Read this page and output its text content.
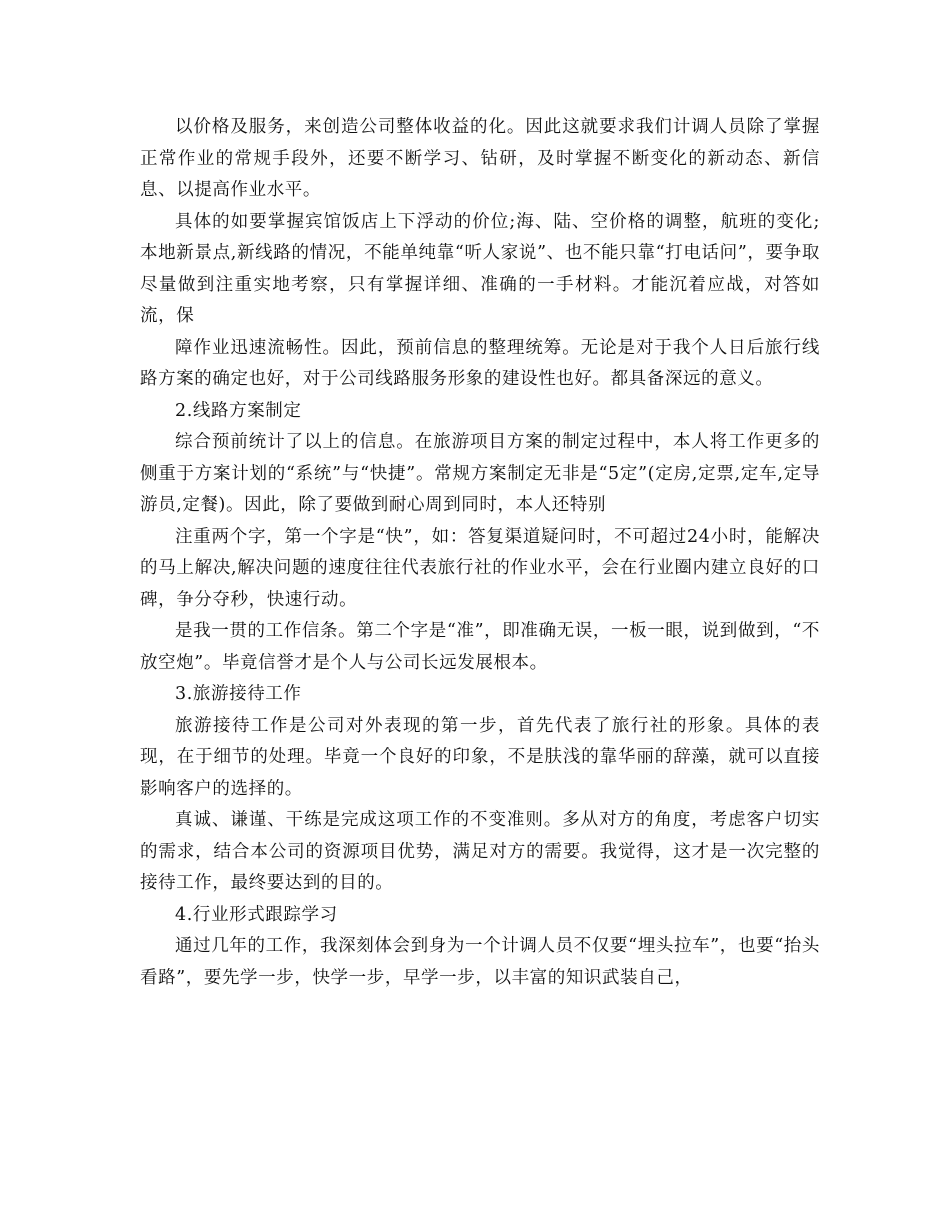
以价格及服务，来创造公司整体收益的化。因此这就要求我们计调人员除了掌握正常作业的常规手段外，还要不断学习、钻研，及时掌握不断变化的新动态、新信息、以提高作业水平。

具体的如要掌握宾馆饭店上下浮动的价位;海、陆、空价格的调整，航班的变化;本地新景点,新线路的情况，不能单纯靠“听人家说”、也不能只靠“打电话问”，要争取尽量做到注重实地考察，只有掌握详细、准确的一手材料。才能沉着应战，对答如流，保

障作业迅速流畅性。因此，预前信息的整理统筹。无论是对于我个人日后旅行线路方案的确定也好，对于公司线路服务形象的建设性也好。都具备深远的意义。

2.线路方案制定

综合预前统计了以上的信息。在旅游项目方案的制定过程中，本人将工作更多的侧重于方案计划的“系统”与“快捷”。常规方案制定无非是“5定”(定房,定票,定车,定导游员,定餐)。因此，除了要做到耐心周到同时，本人还特别

注重两个字，第一个字是“快”，如：答复渠道疑问时，不可超过24小时，能解决的马上解决,解决问题的速度往往代表旅行社的作业水平，会在行业圈内建立良好的口碑，争分夺秒，快速行动。

是我一贯的工作信条。第二个字是“准”，即准确无误，一板一眼，说到做到，“不放空炮”。毕竟信誉才是个人与公司长远发展根本。

3.旅游接待工作

旅游接待工作是公司对外表现的第一步，首先代表了旅行社的形象。具体的表现，在于细节的处理。毕竟一个良好的印象，不是肤浅的靠华丽的辞藻，就可以直接影响客户的选择的。

真诚、谦谨、干练是完成这项工作的不变准则。多从对方的角度，考虑客户切实的需求，结合本公司的资源项目优势，满足对方的需要。我觉得，这才是一次完整的接待工作，最终要达到的目的。

4.行业形式跟踪学习

通过几年的工作，我深刻体会到身为一个计调人员不仅要“埋头拉车”，也要“抬头看路”，要先学一步，快学一步，早学一步，以丰富的知识武装自己，
